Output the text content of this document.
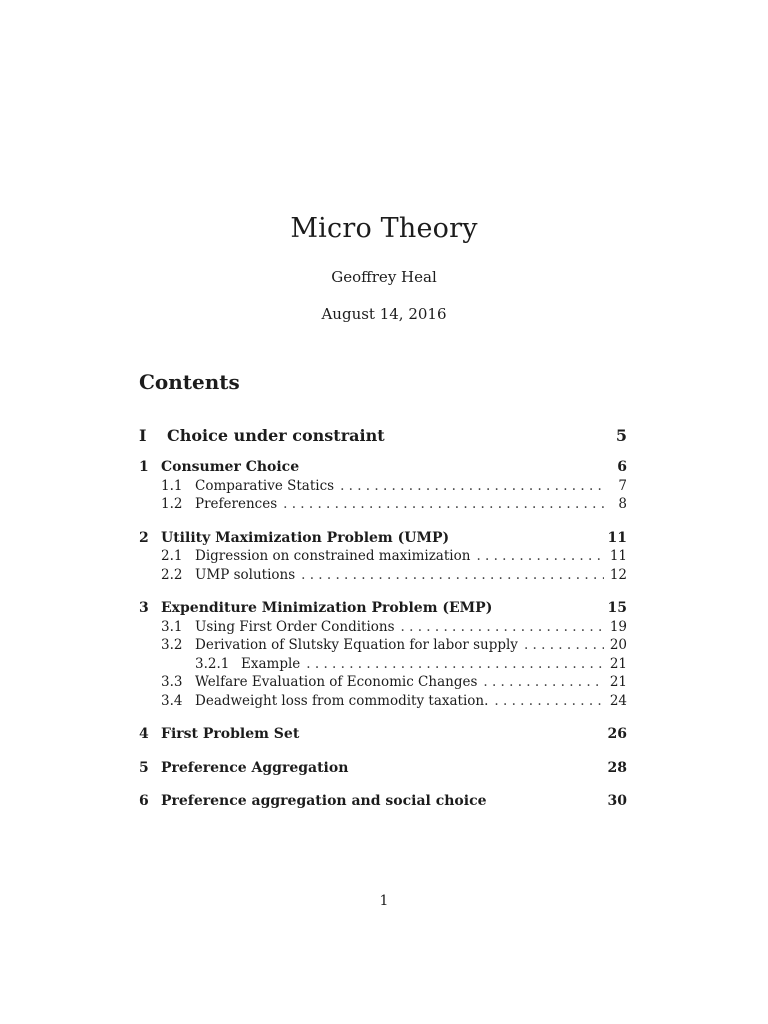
Micro Theory
Geoffrey Heal
August 14, 2016
Contents
I	Choice under constraint	5
1 Consumer Choice	6
1.1 Comparative Statics . . .	7
1.2 Preferences . . .	8
2 Utility Maximization Problem (UMP)	11
2.1 Digression on constrained maximization . . .	11
2.2 UMP solutions . . .	12
3 Expenditure Minimization Problem (EMP)	15
3.1 Using First Order Conditions . . .	19
3.2 Derivation of Slutsky Equation for labor supply . . .	20
3.2.1 Example . . .	21
3.3 Welfare Evaluation of Economic Changes . . .	21
3.4 Deadweight loss from commodity taxation. . . .	24
4 First Problem Set	26
5 Preference Aggregation	28
6 Preference aggregation and social choice	30
1
